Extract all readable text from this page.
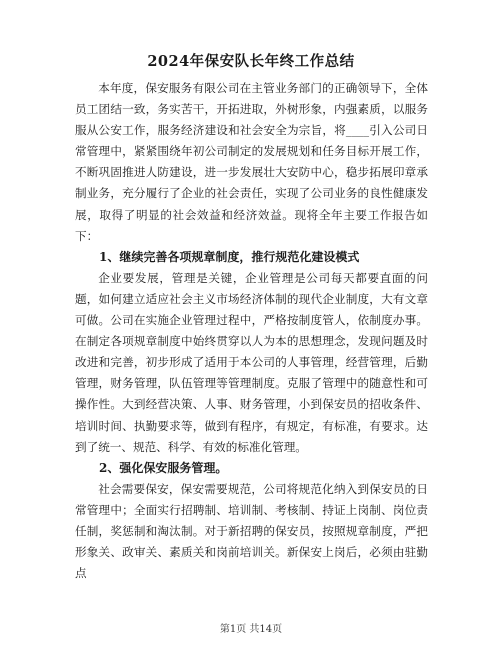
2024年保安队长年终工作总结

本年度，保安服务有限公司在主管业务部门的正确领导下，全体员工团结一致，务实苦干，开拓进取，外树形象，内强素质，以服务服从公安工作，服务经济建设和社会安全为宗旨，将____引入公司日常管理中，紧紧围绕年初公司制定的发展规划和任务目标开展工作，不断巩固推进人防建设，进一步发展壮大安防中心，稳步拓展印章承制业务，充分履行了企业的社会责任，实现了公司业务的良性健康发展，取得了明显的社会效益和经济效益。现将全年主要工作报告如下：

1、继续完善各项规章制度，推行规范化建设模式

企业要发展，管理是关键，企业管理是公司每天都要直面的问题，如何建立适应社会主义市场经济体制的现代企业制度，大有文章可做。公司在实施企业管理过程中，严格按制度管人，依制度办事。在制定各项规章制度中始终贯穿以人为本的思想理念，发现问题及时改进和完善，初步形成了适用于本公司的人事管理，经营管理，后勤管理，财务管理，队伍管理等管理制度。克服了管理中的随意性和可操作性。大到经营决策、人事、财务管理，小到保安员的招收条件、培训时间、执勤要求等，做到有程序，有规定，有标准，有要求。达到了统一、规范、科学、有效的标准化管理。

2、强化保安服务管理。

社会需要保安，保安需要规范，公司将规范化纳入到保安员的日常管理中；全面实行招聘制、培训制、考核制、持证上岗制、岗位责任制，奖惩制和淘汰制。对于新招聘的保安员，按照规章制度，严把形象关、政审关、素质关和岗前培训关。新保安上岗后，必须由驻勤点

第1页 共14页
